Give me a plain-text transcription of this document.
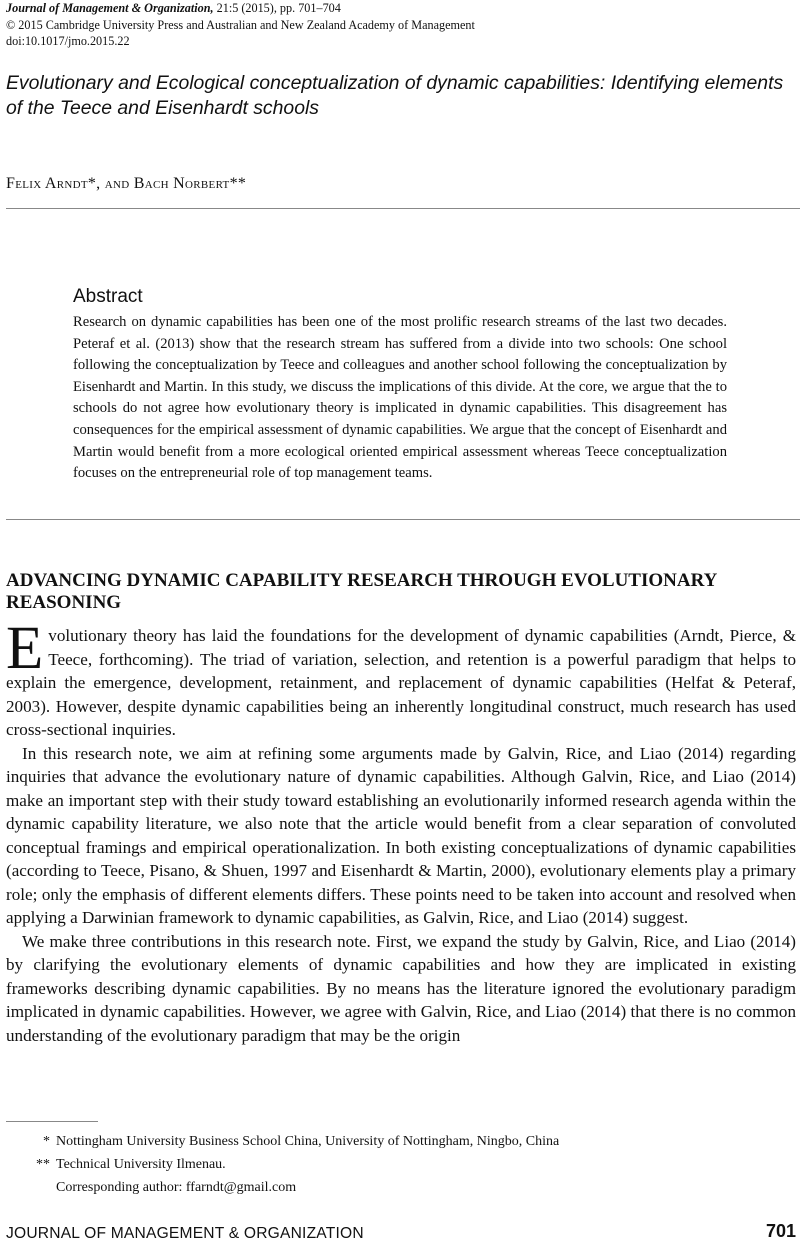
Journal of Management & Organization, 21:5 (2015), pp. 701–704
© 2015 Cambridge University Press and Australian and New Zealand Academy of Management
doi:10.1017/jmo.2015.22
Evolutionary and Ecological conceptualization of dynamic capabilities: Identifying elements of the Teece and Eisenhardt schools
Felix Arndt*, and Bach Norbert**
Abstract
Research on dynamic capabilities has been one of the most prolific research streams of the last two decades. Peteraf et al. (2013) show that the research stream has suffered from a divide into two schools: One school following the conceptualization by Teece and colleagues and another school following the conceptualization by Eisenhardt and Martin. In this study, we discuss the implications of this divide. At the core, we argue that the to schools do not agree how evolutionary theory is implicated in dynamic capabilities. This disagreement has consequences for the empirical assessment of dynamic capabilities. We argue that the concept of Eisenhardt and Martin would benefit from a more ecological oriented empirical assessment whereas Teece conceptualization focuses on the entrepreneurial role of top management teams.
ADVANCING DYNAMIC CAPABILITY RESEARCH THROUGH EVOLUTIONARY REASONING

Evolutionary theory has laid the foundations for the development of dynamic capabilities (Arndt, Pierce, & Teece, forthcoming). The triad of variation, selection, and retention is a powerful paradigm that helps to explain the emergence, development, retainment, and replacement of dynamic capabilities (Helfat & Peteraf, 2003). However, despite dynamic capabilities being an inherently longitudinal construct, much research has used cross-sectional inquiries.

In this research note, we aim at refining some arguments made by Galvin, Rice, and Liao (2014) regarding inquiries that advance the evolutionary nature of dynamic capabilities. Although Galvin, Rice, and Liao (2014) make an important step with their study toward establishing an evolutionarily informed research agenda within the dynamic capability literature, we also note that the article would benefit from a clear separation of convoluted conceptual framings and empirical operationalization. In both existing conceptualizations of dynamic capabilities (according to Teece, Pisano, & Shuen, 1997 and Eisenhardt & Martin, 2000), evolutionary elements play a primary role; only the emphasis of different elements differs. These points need to be taken into account and resolved when applying a Darwinian framework to dynamic capabilities, as Galvin, Rice, and Liao (2014) suggest.

We make three contributions in this research note. First, we expand the study by Galvin, Rice, and Liao (2014) by clarifying the evolutionary elements of dynamic capabilities and how they are implicated in existing frameworks describing dynamic capabilities. By no means has the literature ignored the evolutionary paradigm implicated in dynamic capabilities. However, we agree with Galvin, Rice, and Liao (2014) that there is no common understanding of the evolutionary paradigm that may be the origin

* Nottingham University Business School China, University of Nottingham, Ningbo, China
** Technical University Ilmenau.
Corresponding author: ffarndt@gmail.com
JOURNAL OF MANAGEMENT & ORGANIZATION	701
